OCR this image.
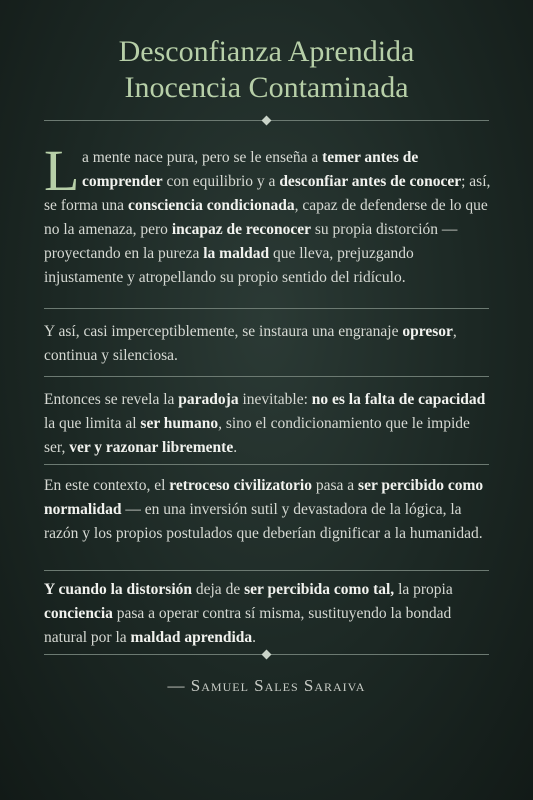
Desconfianza Aprendida
Inocencia Contaminada
La mente nace pura, pero se le enseña a temer antes de comprender con equilibrio y a desconfiar antes de conocer; así, se forma una consciencia condicionada, capaz de defenderse de lo que no la amenaza, pero incapaz de reconocer su propia distorción — proyectando en la pureza la maldad que lleva, prejuzgando injustamente y atropellando su propio sentido del ridículo.
Y así, casi imperceptiblemente, se instaura una engranaje opresor, continua y silenciosa.
Entonces se revela la paradoja inevitable: no es la falta de capacidad la que limita al ser humano, sino el condicionamiento que le impide ser, ver y razonar libremente.
En este contexto, el retroceso civilizatorio pasa a ser percibido como normalidad — en una inversión sutil y devastadora de la lógica, la razón y los propios postulados que deberían dignificar a la humanidad.
Y cuando la distorsión deja de ser percibida como tal, la propia conciencia pasa a operar contra sí misma, sustituyendo la bondad natural por la maldad aprendida.
— Samuel Sales Saraiva
